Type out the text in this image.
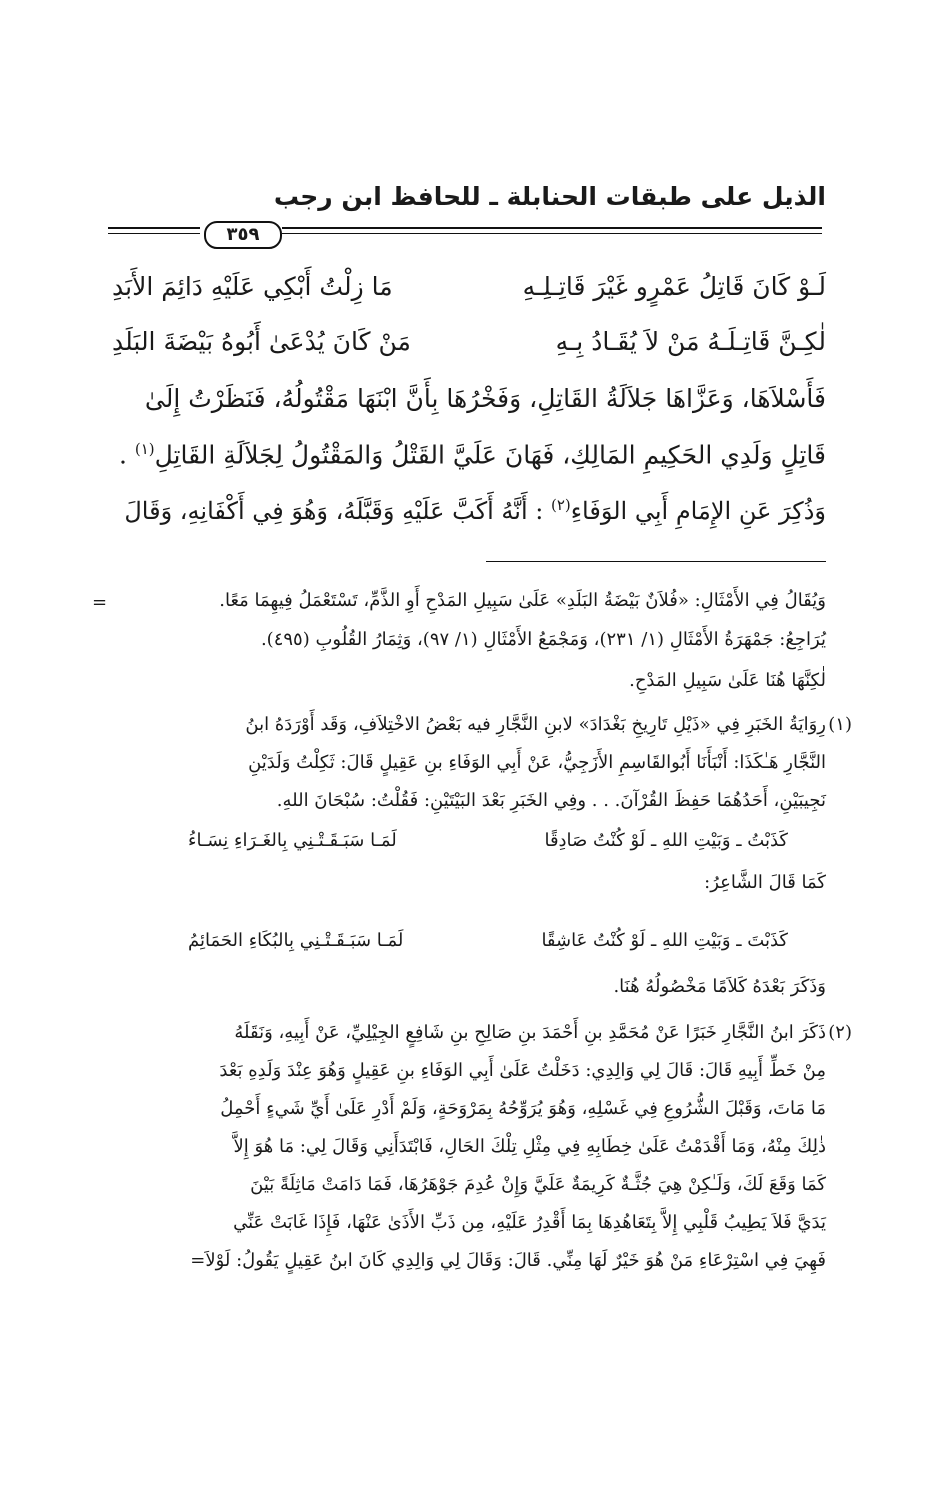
الذيل على طبقات الحنابلة ـ للحافظ ابن رجب
٣٥٩
لَـوْ كَانَ قَاتِلُ عَمْرٍو غَيْرَ قَاتِـلِـهِ
مَا زِلْتُ أَبْكِي عَلَيْهِ دَائِمَ الأَبَدِ
لٰكِـنَّ قَاتِـلَـهُ مَنْ لاَ يُقَـادُ بِـهِ
مَنْ كَانَ يُدْعَىٰ أَبُوهُ بَيْضَةَ البَلَدِ
فَأَسْلاَهَا، وَعَزَّاهَا جَلاَلَةُ القَاتِلِ، وَفَخْرُهَا بِأَنَّ ابْنَهَا مَقْتُولُهُ، فَنَظَرْتُ إِلَىٰ
قَاتِلٍ وَلَدِي الحَكِيمِ المَالِكِ، فَهَانَ عَلَيَّ القَتْلُ وَالمَقْتُولُ لِجَلاَلَةِ القَاتِلِ$^{(١)}$ .
وَذُكِرَ عَنِ الإِمَامِ أَبِي الوَفَاءِ$^{(٢)}$ : أَنَّهُ أَكَبَّ عَلَيْهِ وَقَبَّلَهُ، وَهُوَ فِي أَكْفَانِهِ، وَقَالَ
=	وَيُقَالُ فِي الأَمْثَالِ: «فُلاَنٌ بَيْضَةُ البَلَدِ» عَلَىٰ سَبِيلِ المَدْحِ أَوِ الذَّمِّ، تَسْتَعْمَلُ فِيهِمَا مَعًا.
يُرَاجِعُ: جَمْهَرَةُ الأَمْثَالِ (١/ ٢٣١)، وَمَجْمَعُ الأَمْثَالِ (١/ ٩٧)، وَثِمَارُ القُلُوبِ (٤٩٥).
لٰكِنَّهَا هُنَا عَلَىٰ سَبِيلِ المَدْحِ.
(١)
رِوَايَةُ الخَبَرِ فِي «ذَيْلِ تَارِيخِ بَغْدَادَ» لابنِ النَّجَّارِ فيه بَعْضُ الاخْتِلاَفِ، وَقَد أَوْرَدَهُ ابنُ
النَّجَّارِ هَـٰكَذَا: أَنْبَأَنَا أَبُوالقَاسِمِ الأَزَجِيُّ، عَنْ أَبِي الوَفَاءِ بنِ عَقِيلٍ قَالَ: ثَكِلْتُ وَلَدَيْنِ
نَجِيبَيْنِ، أَحَدُهُمَا حَفِظَ القُرْآنَ. . . وفِي الخَبَرِ بَعْدَ البَيْتَيْنِ: فَقُلْتُ: سُبْحَانَ اللهِ.
كَذَبْتُ ـ وَبَيْتِ اللهِ ـ لَوْ كُنْتُ صَادِقًا
لَمَـا سَبَـقَـتْـنِي بِالغَـرَاءِ نِسَـاءُ
كَمَا قَالَ الشَّاعِرُ:
كَذَبْتَ ـ وَبَيْتِ اللهِ ـ لَوْ كُنْتُ عَاشِقًا
لَمَـا سَبَـقَـتْـنِي بِالبُكَاءِ الحَمَائِمُ
وَذَكَرَ بَعْدَهُ كَلاَمًا مَخْصُولُهُ هُنَا.
(٢)
ذَكَرَ ابنُ النَّجَّارِ خَبَرًا عَنْ مُحَمَّدِ بنِ أَحْمَدَ بنِ صَالِحِ بنِ شَافِعٍ الجِيْلِيِّ، عَنْ أَبِيهِ، وَنَقَلَهُ
مِنْ خَطِّ أَبِيهِ قَالَ: قَالَ لِي وَالِدِي: دَخَلْتُ عَلَىٰ أَبِي الوَفَاءِ بنِ عَقِيلٍ وَهُوَ عِنْدَ وَلَدِهِ بَعْدَ
مَا مَاتَ، وَقَبْلَ الشُّرُوعِ فِي غَسْلِهِ، وَهُوَ يُرَوِّحُهُ بِمَرْوَحَةٍ، وَلَمْ أَدْرِ عَلَىٰ أَيِّ شَيءٍ أَحْمِلُ
ذٰلِكَ مِنْهُ، وَمَا أَقْدَمْتُ عَلَىٰ خِطَابِهِ فِي مِثْلِ تِلْكَ الحَالِ، فَابْتَدَأَنِي وَقَالَ لِي: مَا هُوَ إِلاَّ
كَمَا وَقَعَ لَكَ، وَلَـٰكِنْ هِيَ جُثَّـةٌ كَرِيمَةٌ عَلَيَّ وَإِنْ عُدِمَ جَوْهَرُهَا، فَمَا دَامَتْ مَاثِلَةً بَيْنَ
يَدَيَّ فَلاَ يَطِيبُ قَلْبِي إِلاَّ بِتَعَاهُدِهَا بِمَا أَقْدِرُ عَلَيْهِ، مِن ذَبِّ الأَذَىٰ عَنْهَا، فَإِذَا غَابَتْ عَنِّي
فَهِيَ فِي اسْتِرْعَاءِ مَنْ هُوَ خَيْرٌ لَهَا مِنِّي. قَالَ: وَقَالَ لِي وَالِدِي كَانَ ابنُ عَقِيلٍ يَقُولُ: لَوْلاَ=
